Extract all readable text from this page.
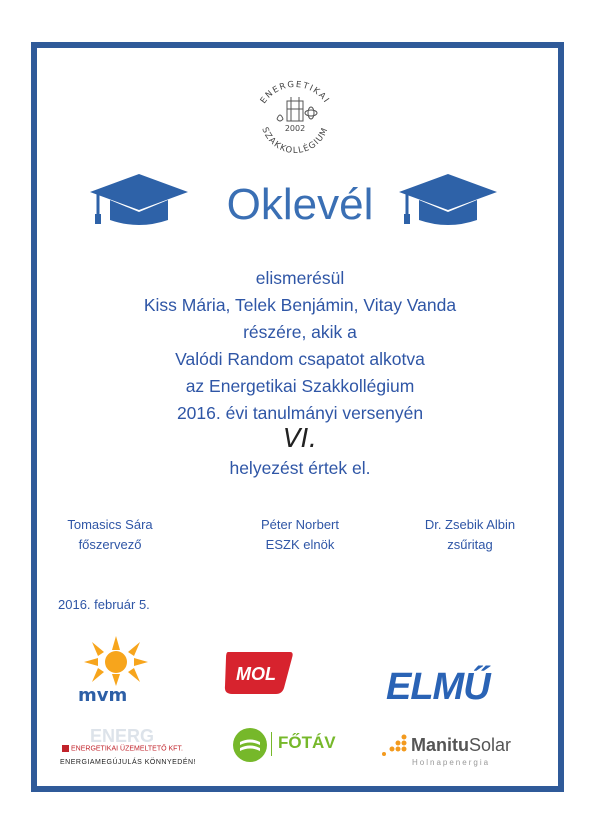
ENERGETIKAI
SZAKKOLLÉGIUM
2002
Oklevél
elismerésül
Kiss Mária, Telek Benjámin, Vitay Vanda
részére, akik a
Valódi Random csapatot alkotva
az Energetikai Szakkollégium
2016. évi tanulmányi versenyén
VI.
helyezést értek el.
Tomasics Sára
főszervező
Péter Norbert
ESZK elnök
Dr. Zsebik Albin
zsűritag
2016. február 5.
mvm
MOL	ELMŰ
ENERG
ENERGETIKAI ÜZEMELTETŐ KFT.
ENERGIAMEGÚJULÁS KÖNNYEDÉN!
FŐTÁV	ManituSolar
Holnapenergia
